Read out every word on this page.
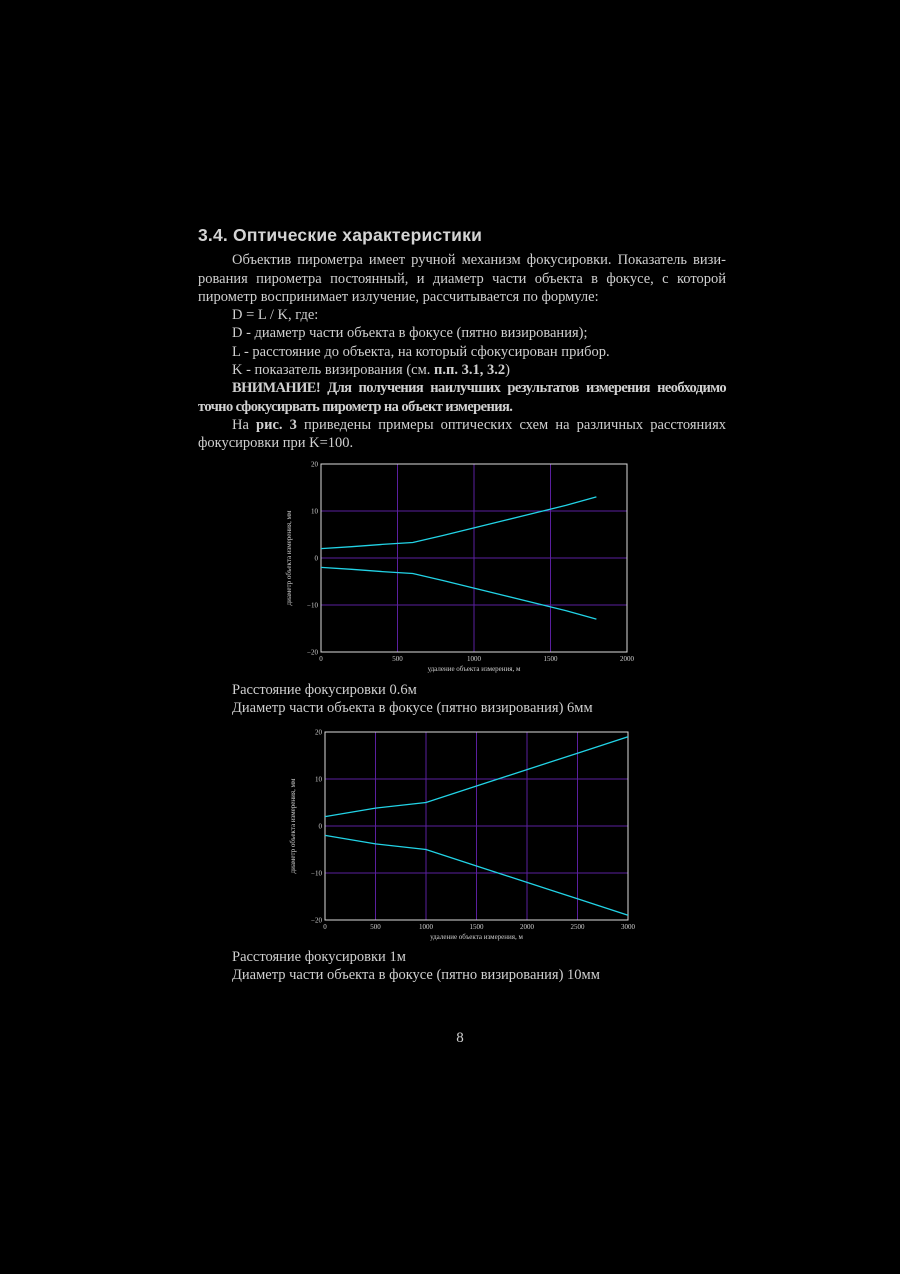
3.4. Оптические характеристики

Объектив пирометра имеет ручной механизм фокусировки. Показатель визирования пирометра постоянный, и диаметр части объекта в фокусе, с которой пирометр воспринимает излучение, рассчитывается по формуле:

D = L / K, где:

D - диаметр части объекта в фокусе (пятно визирования);

L - расстояние до объекта, на который сфокусирован прибор.

K - показатель визирования (см. п.п. 3.1, 3.2)

ВНИМАНИЕ! Для получения наилучших результатов измерения необходимо точно сфокусирвать пирометр на объект измерения.

На рис. 3 приведены примеры оптических схем на различных расстояниях фокусировки при K=100.

0	500	1000	1500	2000
20
10
0
−10
−20
удаление объекта измерения, м
диаметр объекта измерения, мм
Расстояние фокусировки 0.6м
Диаметр части объекта в фокусе (пятно визирования) 6мм
0	500	1000	1500	2000	2500	3000
20
10
0
−10
−20
удаление объекта измерения, м
диаметр объекта измерения, мм
Расстояние фокусировки 1м
Диаметр части объекта в фокусе (пятно визирования) 10мм
8
